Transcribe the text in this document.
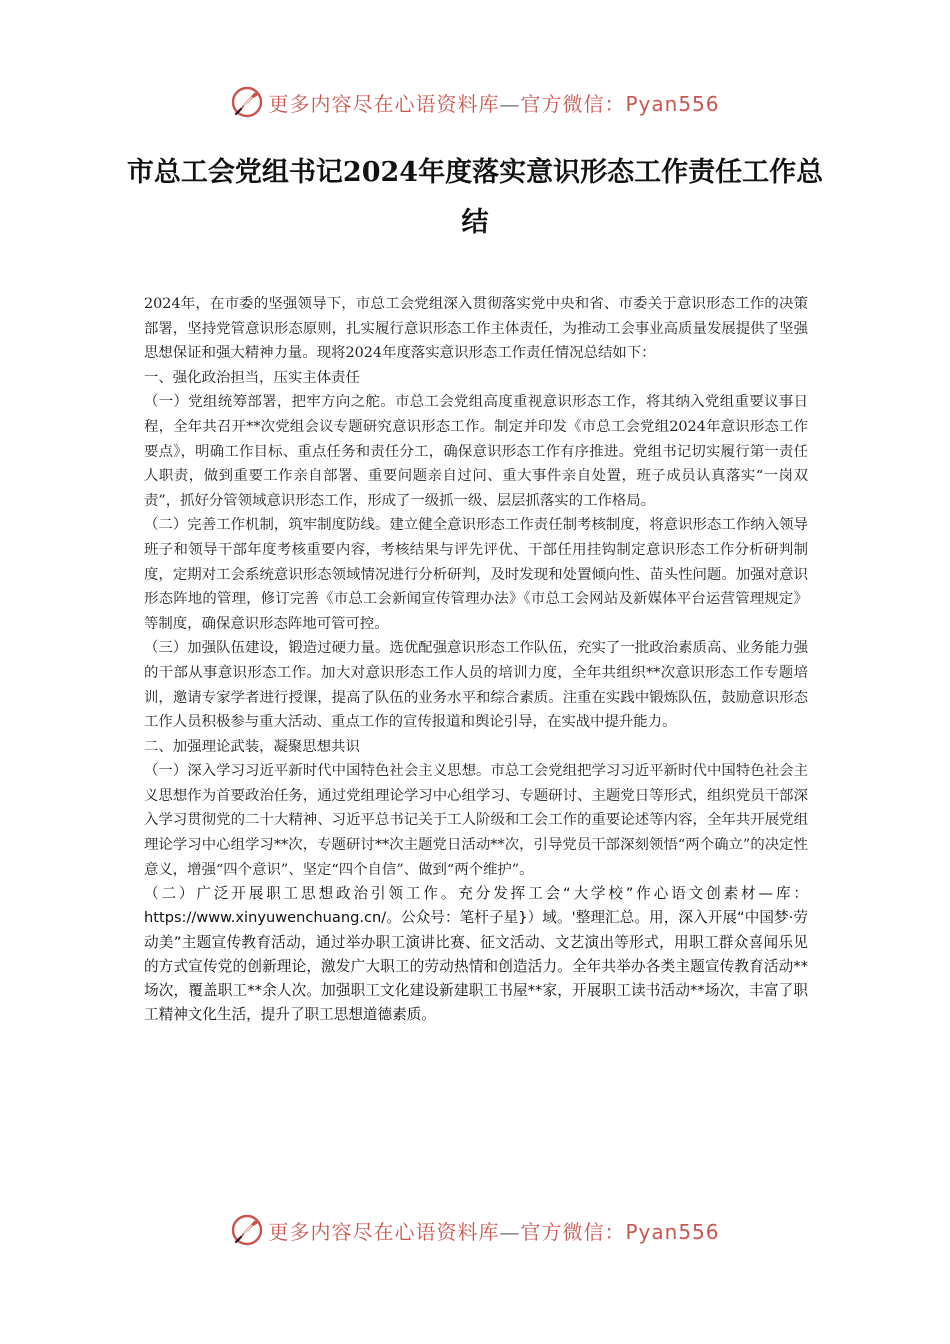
更多内容尽在心语资料库—官方微信：Pyan556
市总工会党组书记2024年度落实意识形态工作责任工作总结

2024年，在市委的坚强领导下，市总工会党组深入贯彻落实党中央和省、市委关于意识形态工作的决策部署，坚持党管意识形态原则，扎实履行意识形态工作主体责任，为推动工会事业高质量发展提供了坚强思想保证和强大精神力量。现将2024年度落实意识形态工作责任情况总结如下：

一、强化政治担当，压实主体责任

（一）党组统筹部署，把牢方向之舵。市总工会党组高度重视意识形态工作，将其纳入党组重要议事日程，全年共召开**次党组会议专题研究意识形态工作。制定并印发《市总工会党组2024年意识形态工作要点》，明确工作目标、重点任务和责任分工，确保意识形态工作有序推进。党组书记切实履行第一责任人职责，做到重要工作亲自部署、重要问题亲自过问、重大事件亲自处置，班子成员认真落实“一岗双责”，抓好分管领域意识形态工作，形成了一级抓一级、层层抓落实的工作格局。

（二）完善工作机制，筑牢制度防线。建立健全意识形态工作责任制考核制度，将意识形态工作纳入领导班子和领导干部年度考核重要内容，考核结果与评先评优、干部任用挂钩制定意识形态工作分析研判制度，定期对工会系统意识形态领域情况进行分析研判，及时发现和处置倾向性、苗头性问题。加强对意识形态阵地的管理，修订完善《市总工会新闻宣传管理办法》《市总工会网站及新媒体平台运营管理规定》等制度，确保意识形态阵地可管可控。

（三）加强队伍建设，锻造过硬力量。选优配强意识形态工作队伍，充实了一批政治素质高、业务能力强的干部从事意识形态工作。加大对意识形态工作人员的培训力度，全年共组织**次意识形态工作专题培训，邀请专家学者进行授课，提高了队伍的业务水平和综合素质。注重在实践中锻炼队伍，鼓励意识形态工作人员积极参与重大活动、重点工作的宣传报道和舆论引导，在实战中提升能力。

二、加强理论武装，凝聚思想共识

（一）深入学习习近平新时代中国特色社会主义思想。市总工会党组把学习习近平新时代中国特色社会主义思想作为首要政治任务，通过党组理论学习中心组学习、专题研讨、主题党日等形式，组织党员干部深入学习贯彻党的二十大精神、习近平总书记关于工人阶级和工会工作的重要论述等内容，全年共开展党组理论学习中心组学习**次，专题研讨**次主题党日活动**次，引导党员干部深刻领悟“两个确立”的决定性意义，增强“四个意识”、坚定“四个自信”、做到“两个维护”。

（二）广泛开展职工思想政治引领工作。充分发挥工会“大学校”作心语文创素材—库：https://www.xinyuwenchuang.cn/。公众号：笔杆子星}）域。'整理汇总。用，深入开展“中国梦·劳动美”主题宣传教育活动，通过举办职工演讲比赛、征文活动、文艺演出等形式，用职工群众喜闻乐见的方式宣传党的创新理论，激发广大职工的劳动热情和创造活力。全年共举办各类主题宣传教育活动**场次，覆盖职工**余人次。加强职工文化建设新建职工书屋**家，开展职工读书活动**场次，丰富了职工精神文化生活，提升了职工思想道德素质。

更多内容尽在心语资料库—官方微信：Pyan556
